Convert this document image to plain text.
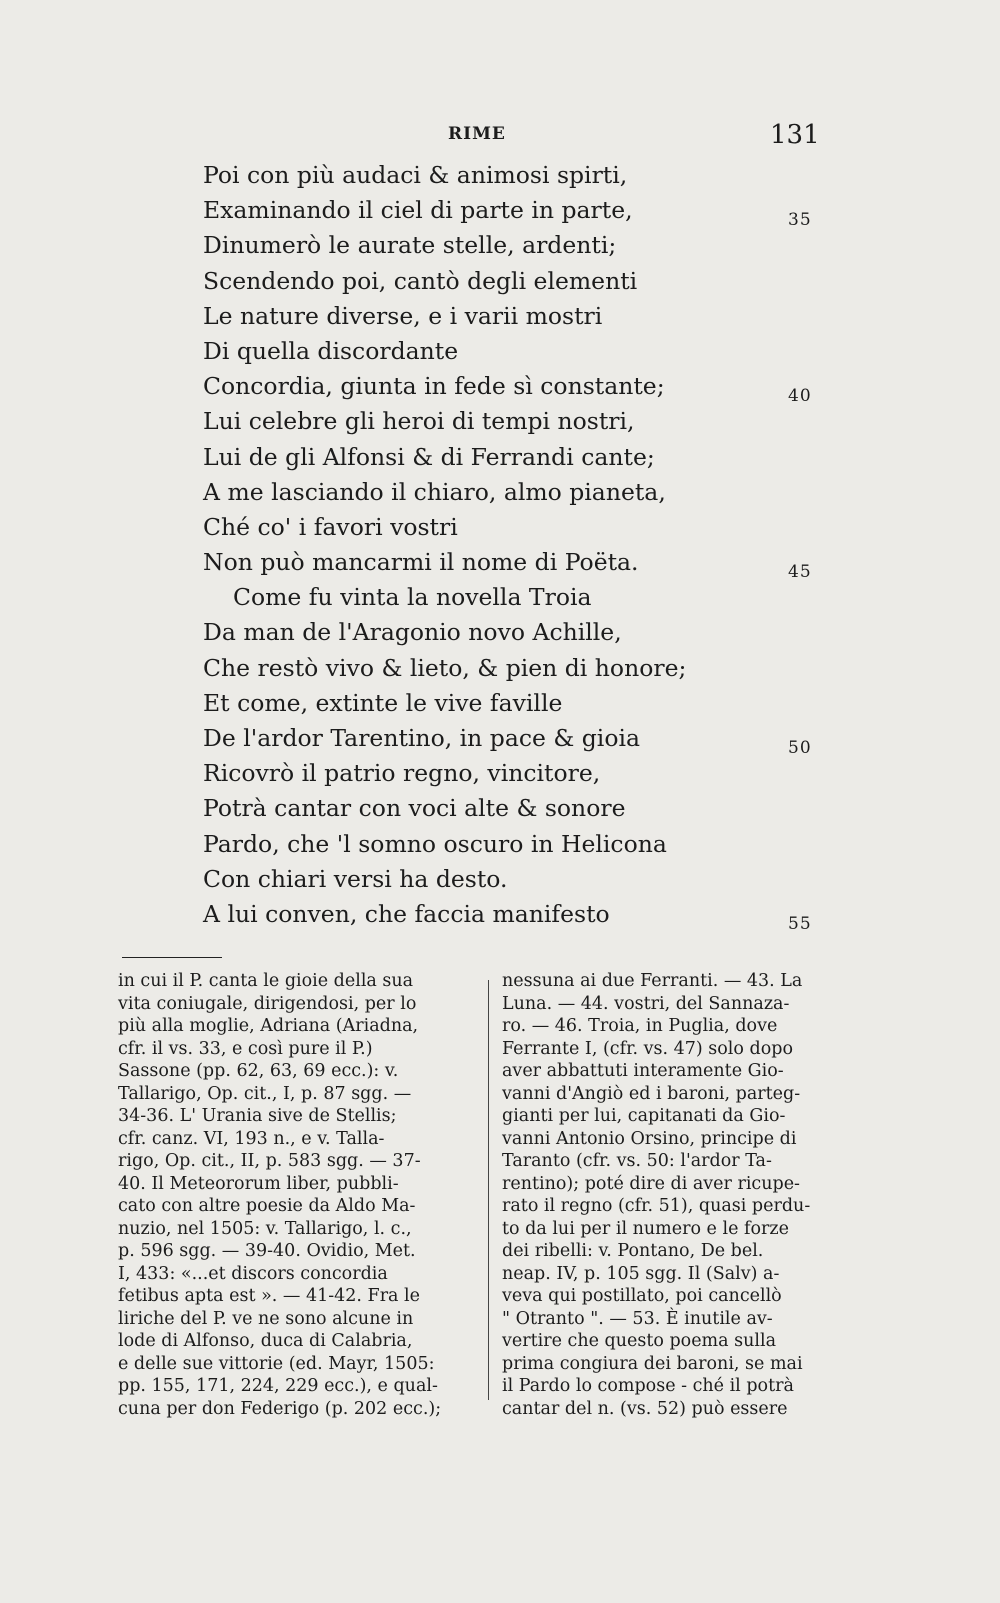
RIME	131
35
40
45
50
55
Poi con più audaci & animosi spirti,
Examinando il ciel di parte in parte,
Dinumerò le aurate stelle, ardenti;
Scendendo poi, cantò degli elementi
Le nature diverse, e i varii mostri
Di quella discordante
Concordia, giunta in fede sì constante;
Lui celebre gli heroi di tempi nostri,
Lui de gli Alfonsi & di Ferrandi cante;
A me lasciando il chiaro, almo pianeta,
Ché co' i favori vostri
Non può mancarmi il nome di Poëta.
Come fu vinta la novella Troia
Da man de l'Aragonio novo Achille,
Che restò vivo & lieto, & pien di honore;
Et come, extinte le vive faville
De l'ardor Tarentino, in pace & gioia
Ricovrò il patrio regno, vincitore,
Potrà cantar con voci alte & sonore
Pardo, che 'l somno oscuro in Helicona
Con chiari versi ha desto.
A lui conven, che faccia manifesto
in cui il P. canta le gioie della sua
vita coniugale, dirigendosi, per lo
più alla moglie, Adriana (Ariadna,
cfr. il vs. 33, e così pure il P.)
Sassone (pp. 62, 63, 69 ecc.): v.
Tallarigo, Op. cit., I, p. 87 sgg. —
34-36. L' Urania sive de Stellis;
cfr. canz. VI, 193 n., e v. Talla-
rigo, Op. cit., II, p. 583 sgg. — 37-
40. Il Meteororum liber, pubbli-
cato con altre poesie da Aldo Ma-
nuzio, nel 1505: v. Tallarigo, l. c.,
p. 596 sgg. — 39-40. Ovidio, Met.
I, 433: «...et discors concordia
fetibus apta est ». — 41-42. Fra le
liriche del P. ve ne sono alcune in
lode di Alfonso, duca di Calabria,
e delle sue vittorie (ed. Mayr, 1505:
pp. 155, 171, 224, 229 ecc.), e qual-
cuna per don Federigo (p. 202 ecc.);
nessuna ai due Ferranti. — 43. La
Luna. — 44. vostri, del Sannaza-
ro. — 46. Troia, in Puglia, dove
Ferrante I, (cfr. vs. 47) solo dopo
aver abbattuti interamente Gio-
vanni d'Angiò ed i baroni, parteg-
gianti per lui, capitanati da Gio-
vanni Antonio Orsino, principe di
Taranto (cfr. vs. 50: l'ardor Ta-
rentino); poté dire di aver ricupe-
rato il regno (cfr. 51), quasi perdu-
to da lui per il numero e le forze
dei ribelli: v. Pontano, De bel.
neap. IV, p. 105 sgg. Il (Salv) a-
veva qui postillato, poi cancellò
" Otranto ". — 53. È inutile av-
vertire che questo poema sulla
prima congiura dei baroni, se mai
il Pardo lo compose - ché il potrà
cantar del n. (vs. 52) può essere
